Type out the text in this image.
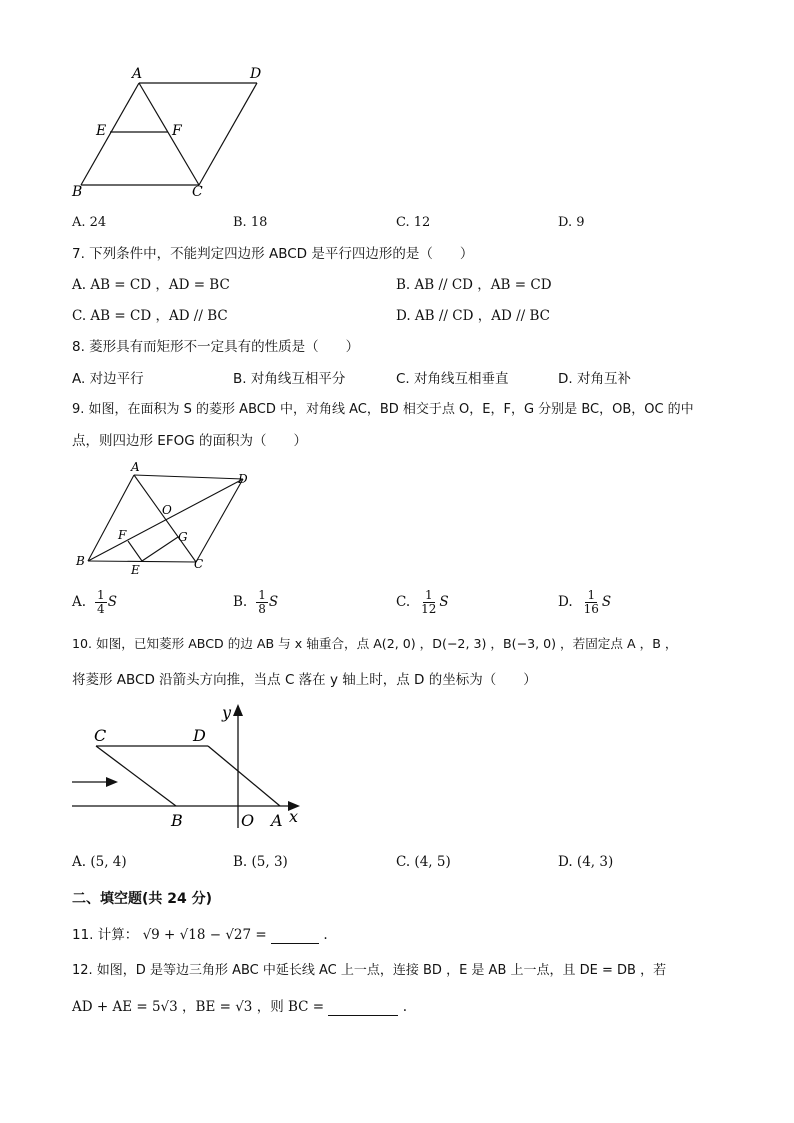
A	D
E	F
B	C
A. 24	B. 18	C. 12	D. 9
7. 下列条件中，不能判定四边形 ABCD 是平行四边形的是（　　）
A. AB = CD ，AD = BC	B. AB // CD ，AB = CD
C. AB = CD ，AD // BC	D. AB // CD ，AD // BC
8. 菱形具有而矩形不一定具有的性质是（　　）
A. 对边平行	B. 对角线互相平分	C. 对角线互相垂直	D. 对角互补
9. 如图，在面积为 S 的菱形 ABCD 中，对角线 AC，BD 相交于点 O，E，F，G 分别是 BC，OB，OC 的中
点，则四边形 EFOG 的面积为（　　）
A
D
O
F	G
B
E	C
A. $\frac{1}{4}$ S	B. $\frac{1}{8}$ S	C. $\frac{1}{12}$ S	D. $\frac{1}{16}$ S
10. 如图，已知菱形 ABCD 的边 AB 与 x 轴重合，点 A(2, 0) ，D(−2, 3) ，B(−3, 0) ，若固定点 A ，B ，
将菱形 ABCD 沿箭头方向推，当点 C 落在 y 轴上时，点 D 的坐标为（　　）
y
C	D
B	O A x
A. (5, 4)	B. (5, 3)	C. (4, 5)	D. (4, 3)
二、填空题(共 24 分)
11. 计算： √9 + √18 − √27 =	.
12. 如图，D 是等边三角形 ABC 中延长线 AC 上一点，连接 BD ，E 是 AB 上一点，且 DE = DB ，若
AD + AE = 5√3 ，BE = √3 ，则 BC =	.
